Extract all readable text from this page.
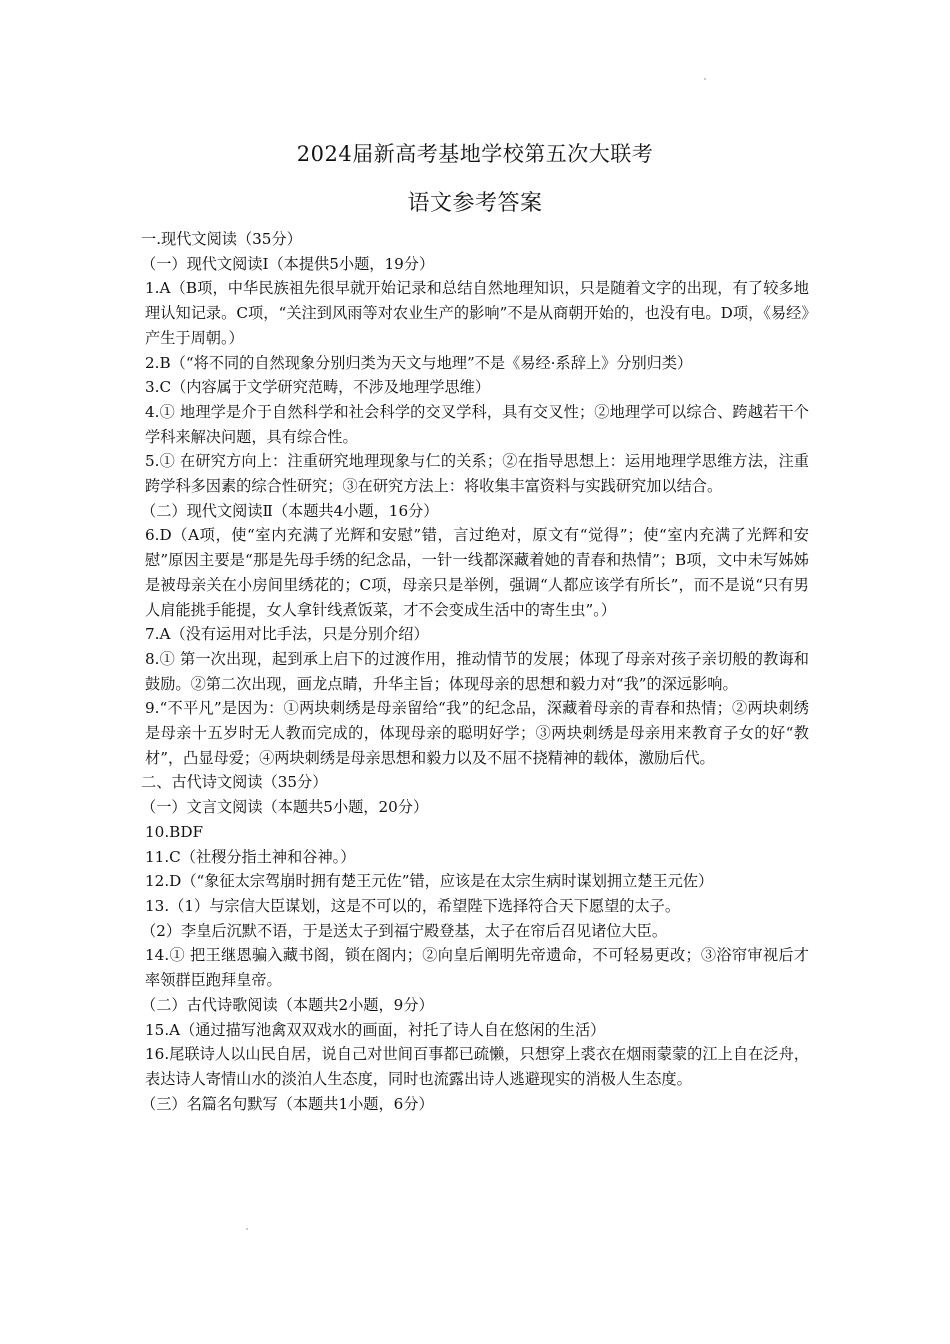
2024届新高考基地学校第五次大联考
语文参考答案

一.现代文阅读（35分）

（一）现代文阅读Ⅰ（本提供5小题，19分）

1.A（B项，中华民族祖先很早就开始记录和总结自然地理知识，只是随着文字的出现，有了较多地理认知记录。C项，“关注到风雨等对农业生产的影响”不是从商朝开始的，也没有电。D项，《易经》产生于周朝。）

2.B（“将不同的自然现象分别归类为天文与地理”不是《易经·系辞上》分别归类）

3.C（内容属于文学研究范畴，不涉及地理学思维）

4.① 地理学是介于自然科学和社会科学的交叉学科，具有交叉性；②地理学可以综合、跨越若干个学科来解决问题，具有综合性。

5.① 在研究方向上：注重研究地理现象与仁的关系；②在指导思想上：运用地理学思维方法，注重跨学科多因素的综合性研究；③在研究方法上：将收集丰富资料与实践研究加以结合。

（二）现代文阅读Ⅱ（本题共4小题，16分）

6.D（A项，使“室内充满了光辉和安慰”错，言过绝对，原文有“觉得”；使“室内充满了光辉和安慰”原因主要是“那是先母手绣的纪念品，一针一线都深藏着她的青春和热情”；B项，文中未写姊姊是被母亲关在小房间里绣花的；C项，母亲只是举例，强调“人都应该学有所长”，而不是说“只有男人肩能挑手能提，女人拿针线煮饭菜，才不会变成生活中的寄生虫”。）

7.A（没有运用对比手法，只是分别介绍）

8.① 第一次出现，起到承上启下的过渡作用，推动情节的发展；体现了母亲对孩子亲切般的教诲和鼓励。②第二次出现，画龙点睛，升华主旨；体现母亲的思想和毅力对“我”的深远影响。

9.“不平凡”是因为：①两块刺绣是母亲留给“我”的纪念品，深藏着母亲的青春和热情；②两块刺绣是母亲十五岁时无人教而完成的，体现母亲的聪明好学；③两块刺绣是母亲用来教育子女的好“教材”，凸显母爱；④两块刺绣是母亲思想和毅力以及不屈不挠精神的载体，激励后代。

二、古代诗文阅读（35分）

（一）文言文阅读（本题共5小题，20分）

10.BDF

11.C（社稷分指土神和谷神。）

12.D（“象征太宗驾崩时拥有楚王元佐”错，应该是在太宗生病时谋划拥立楚王元佐）

13.（1）与宗信大臣谋划，这是不可以的，希望陛下选择符合天下愿望的太子。

（2）李皇后沉默不语，于是送太子到福宁殿登基，太子在帘后召见诸位大臣。

14.① 把王继恩骗入藏书阁，锁在阁内；②向皇后阐明先帝遗命，不可轻易更改；③浴帘审视后才率领群臣跑拜皇帝。

（二）古代诗歌阅读（本题共2小题，9分）

15.A（通过描写池禽双双戏水的画面，衬托了诗人自在悠闲的生活）

16.尾联诗人以山民自居，说自己对世间百事都已疏懒，只想穿上裘衣在烟雨蒙蒙的江上自在泛舟，表达诗人寄情山水的淡泊人生态度，同时也流露出诗人逃避现实的消极人生态度。

（三）名篇名句默写（本题共1小题，6分）
